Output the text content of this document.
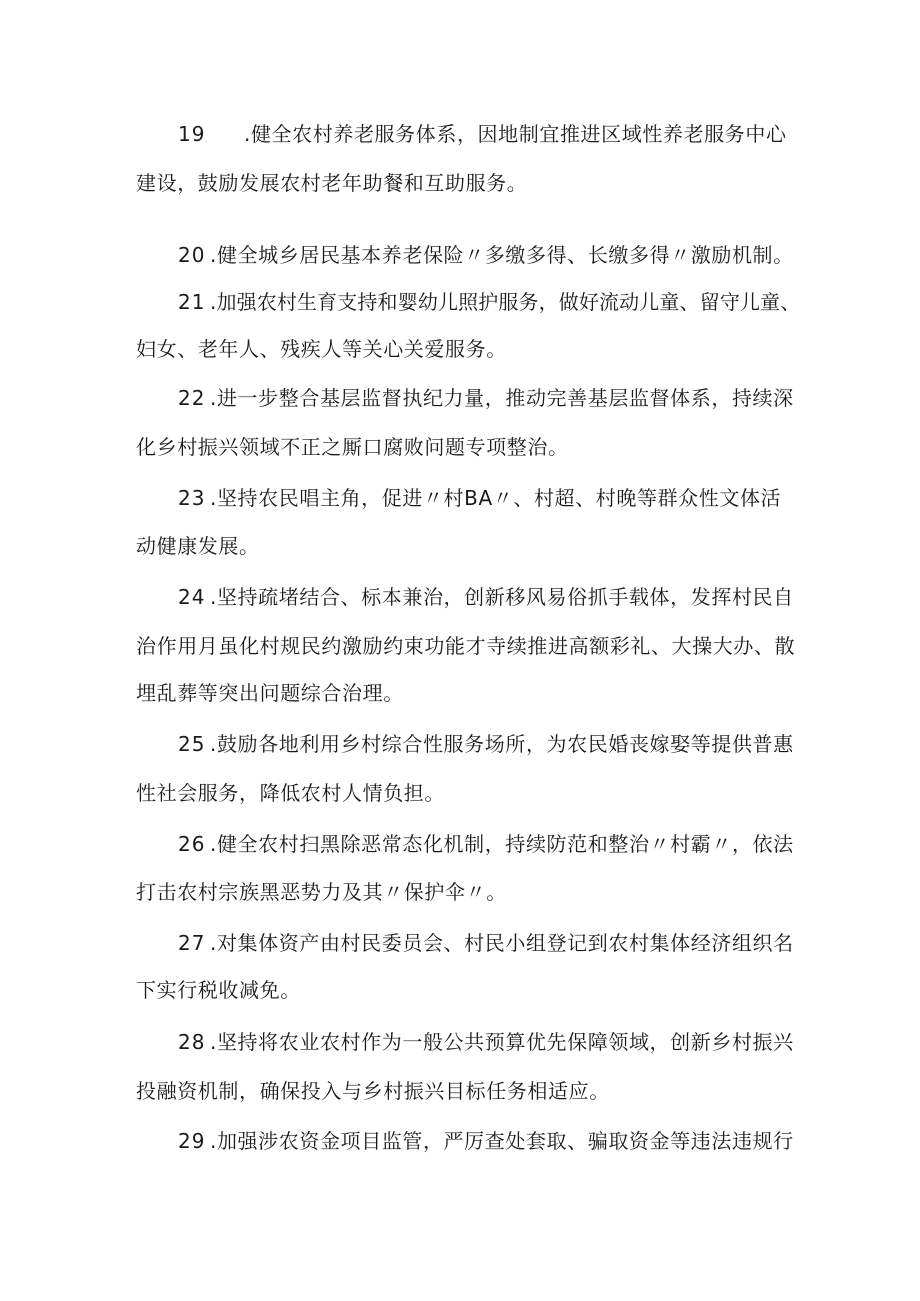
19 .健全农村养老服务体系，因地制宜推进区域性养老服务中心
建设，鼓励发展农村老年助餐和互助服务。
20 .健全城乡居民基本养老保险〃多缴多得、长缴多得〃激励机制。
21 .加强农村生育支持和婴幼儿照护服务，做好流动儿童、留守儿童、
妇女、老年人、残疾人等关心关爱服务。
22 .进一步整合基层监督执纪力量，推动完善基层监督体系，持续深
化乡村振兴领域不正之厮口腐败问题专项整治。
23 .坚持农民唱主角，促进〃村BA〃、村超、村晚等群众性文体活
动健康发展。
24 .坚持疏堵结合、标本兼治，创新移风易俗抓手载体，发挥村民自
治作用月虽化村规民约激励约束功能才寺续推进高额彩礼、大操大办、散
埋乱葬等突出问题综合治理。
25 .鼓励各地利用乡村综合性服务场所，为农民婚丧嫁娶等提供普惠
性社会服务，降低农村人情负担。
26 .健全农村扫黑除恶常态化机制，持续防范和整治〃村霸〃，依法
打击农村宗族黑恶势力及其〃保护伞〃。
27 .对集体资产由村民委员会、村民小组登记到农村集体经济组织名
下实行税收减免。
28 .坚持将农业农村作为一般公共预算优先保障领域，创新乡村振兴
投融资机制，确保投入与乡村振兴目标任务相适应。
29 .加强涉农资金项目监管，严厉查处套取、骗取资金等违法违规行
